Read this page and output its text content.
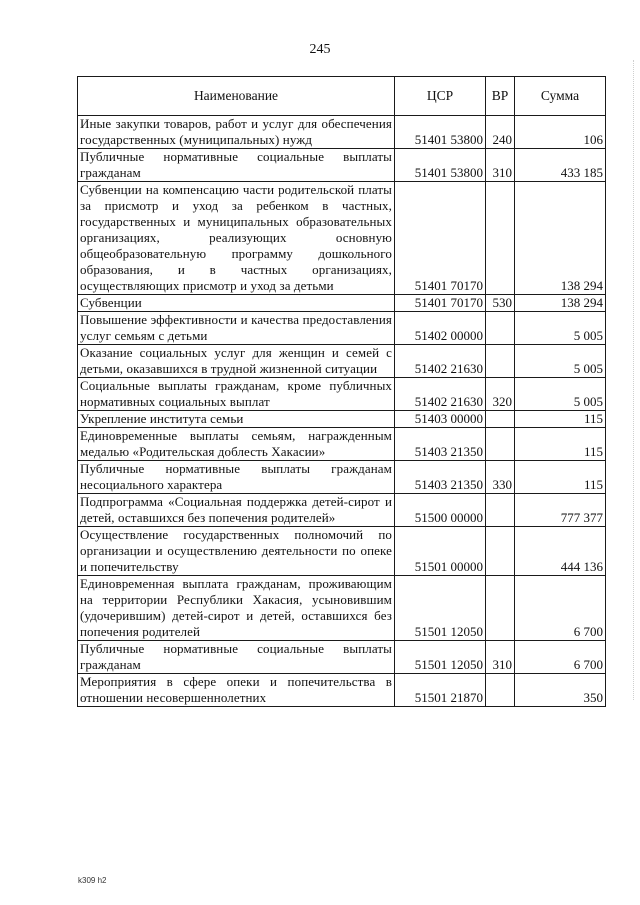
245
Наименование	ЦСР	ВР	Сумма
Иные закупки товаров, работ и услуг для обеспечения государственных (муниципальных) нужд	51401 53800	240	106
Публичные нормативные социальные выплаты гражданам	51401 53800	310	433 185
Субвенции на компенсацию части родительской платы за присмотр и уход за ребенком в частных, государственных и муниципальных образовательных организациях, реализующих основную общеобразовательную программу дошкольного образования, и в частных организациях, осуществляющих присмотр и уход за детьми	51401 70170		138 294
Субвенции	51401 70170	530	138 294
Повышение эффективности и качества предоставления услуг семьям с детьми	51402 00000		5 005
Оказание социальных услуг для женщин и семей с детьми, оказавшихся в трудной жизненной ситуации	51402 21630		5 005
Социальные выплаты гражданам, кроме публичных нормативных социальных выплат	51402 21630	320	5 005
Укрепление института семьи	51403 00000		115
Единовременные выплаты семьям, награжденным медалью «Родительская доблесть Хакасии»	51403 21350		115
Публичные нормативные выплаты гражданам несоциального характера	51403 21350	330	115
Подпрограмма «Социальная поддержка детей-сирот и детей, оставшихся без попечения родителей»	51500 00000		777 377
Осуществление государственных полномочий по организации и осуществлению деятельности по опеке и попечительству	51501 00000		444 136
Единовременная выплата гражданам, проживающим на территории Республики Хакасия, усыновившим (удочерившим) детей-сирот и детей, оставшихся без попечения родителей	51501 12050		6 700
Публичные нормативные социальные выплаты гражданам	51501 12050	310	6 700
Мероприятия в сфере опеки и попечительства в отношении несовершеннолетних	51501 21870		350
k309 h2
